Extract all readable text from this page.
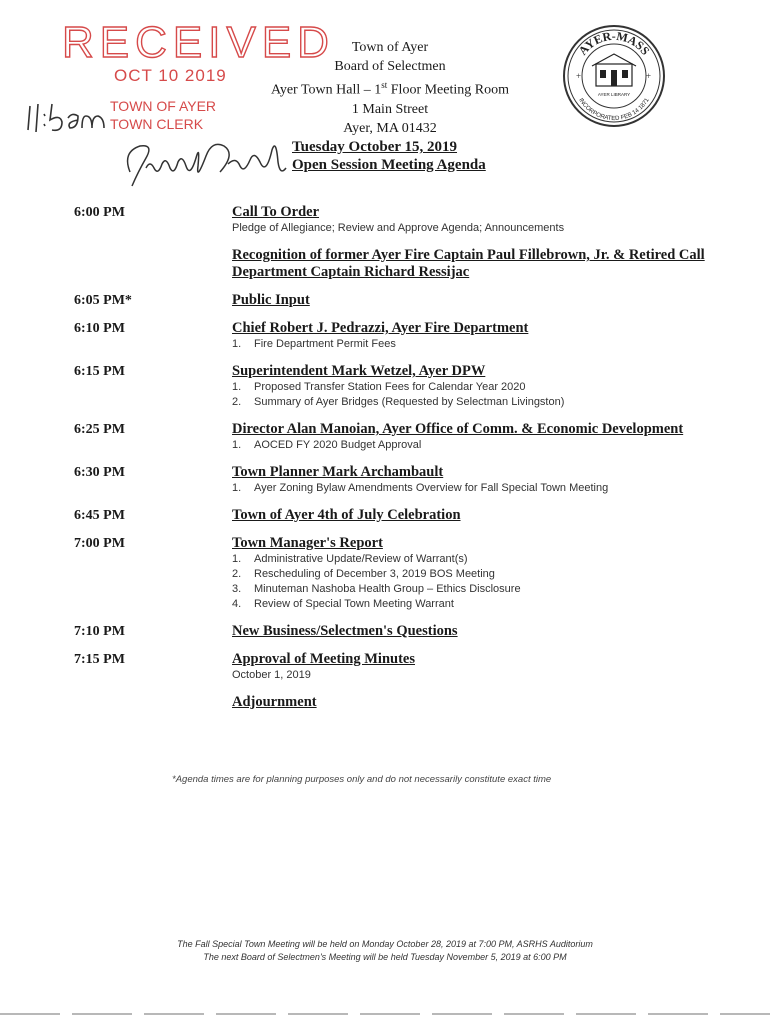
RECEIVED
OCT 10 2019
TOWN OF AYER
TOWN CLERK
Town of Ayer
Board of Selectmen
Ayer Town Hall – 1st Floor Meeting Room
1 Main Street
Ayer, MA 01432
AYER-MASS
INCORPORATED FEB 14 1871
AYER LIBRARY
+	+
Tuesday October 15, 2019
Open Session Meeting Agenda
6:00 PM	Call To Order
Pledge of Allegiance; Review and Approve Agenda; Announcements
Recognition of former Ayer Fire Captain Paul Fillebrown, Jr. & Retired Call Department Captain Richard Ressijac
6:05 PM*	Public Input
6:10 PM	Chief Robert J. Pedrazzi, Ayer Fire Department
1.	Fire Department Permit Fees
6:15 PM	Superintendent Mark Wetzel, Ayer DPW
1.	Proposed Transfer Station Fees for Calendar Year 2020
2.	Summary of Ayer Bridges (Requested by Selectman Livingston)
6:25 PM	Director Alan Manoian, Ayer Office of Comm. & Economic Development
1.	AOCED FY 2020 Budget Approval
6:30 PM	Town Planner Mark Archambault
1.	Ayer Zoning Bylaw Amendments Overview for Fall Special Town Meeting
6:45 PM	Town of Ayer 4th of July Celebration
7:00 PM	Town Manager's Report
1.	Administrative Update/Review of Warrant(s)
2.	Rescheduling of December 3, 2019 BOS Meeting
3.	Minuteman Nashoba Health Group – Ethics Disclosure
4.	Review of Special Town Meeting Warrant
7:10 PM	New Business/Selectmen's Questions
7:15 PM	Approval of Meeting Minutes
October 1, 2019
Adjournment
*Agenda times are for planning purposes only and do not necessarily constitute exact time
The Fall Special Town Meeting will be held on Monday October 28, 2019 at 7:00 PM, ASRHS Auditorium
The next Board of Selectmen's Meeting will be held Tuesday November 5, 2019 at 6:00 PM
